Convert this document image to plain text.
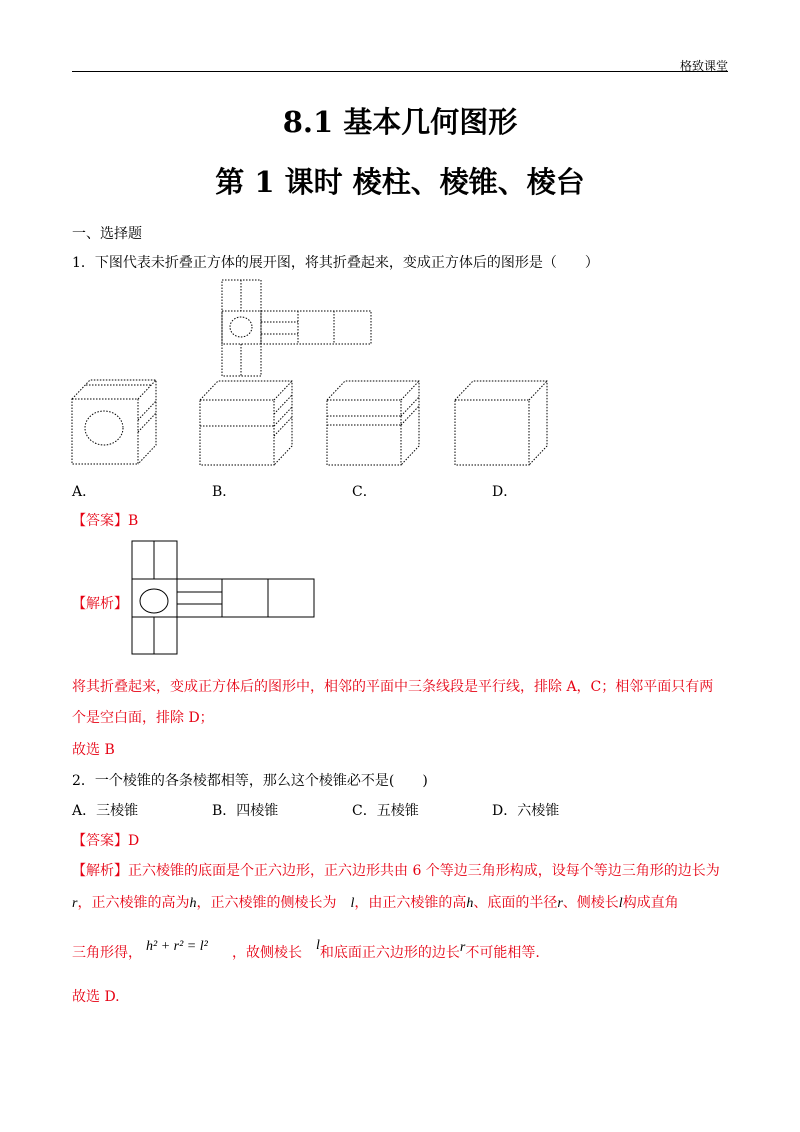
格致课堂
8.1 基本几何图形
第 1 课时 棱柱、棱锥、棱台
一、选择题
1．下图代表未折叠正方体的展开图，将其折叠起来，变成正方体后的图形是（　　）
A．	B．	C．	D．
【答案】B
【解析】
将其折叠起来，变成正方体后的图形中，相邻的平面中三条线段是平行线，排除 A，C；相邻平面只有两
个是空白面，排除 D；
故选 B
2．一个棱锥的各条棱都相等，那么这个棱锥必不是(　　)
A．三棱锥	B．四棱锥	C．五棱锥	D．六棱锥
【答案】D
【解析】正六棱锥的底面是个正六边形，正六边形共由 6 个等边三角形构成，设每个等边三角形的边长为
r，正六棱锥的高为h，正六棱锥的侧棱长为  l，由正六棱锥的高h、底面的半径r、侧棱长l构成直角
三角形得， h² + r² = l² ，故侧棱长  l和底面正六边形的边长r不可能相等.
故选 D.
